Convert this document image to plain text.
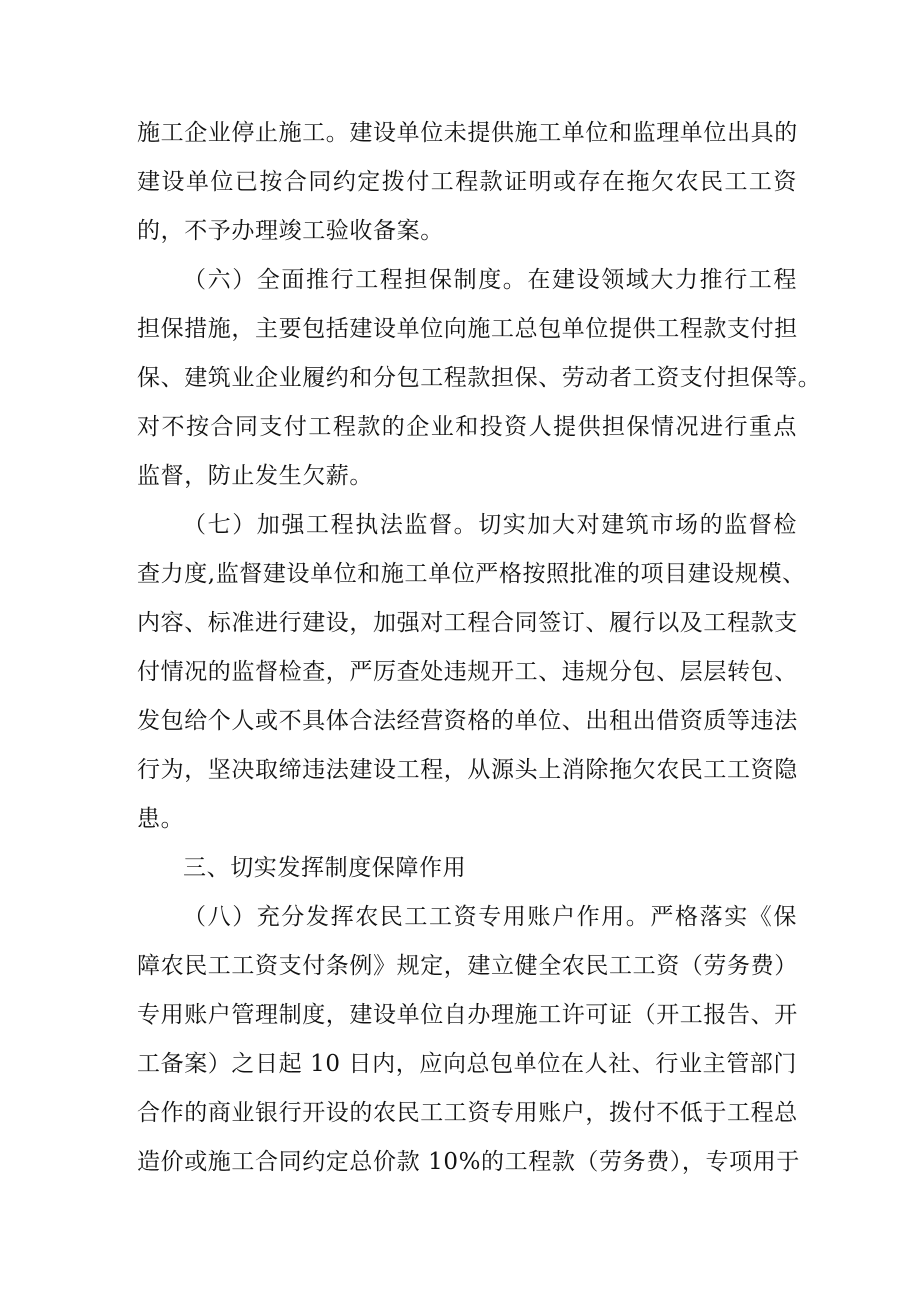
施工企业停止施工。建设单位未提供施工单位和监理单位出具的
建设单位已按合同约定拨付工程款证明或存在拖欠农民工工资
的，不予办理竣工验收备案。
（六）全面推行工程担保制度。在建设领域大力推行工程
担保措施，主要包括建设单位向施工总包单位提供工程款支付担
保、建筑业企业履约和分包工程款担保、劳动者工资支付担保等。
对不按合同支付工程款的企业和投资人提供担保情况进行重点
监督，防止发生欠薪。
（七）加强工程执法监督。切实加大对建筑市场的监督检
查力度,监督建设单位和施工单位严格按照批准的项目建设规模、
内容、标准进行建设，加强对工程合同签订、履行以及工程款支
付情况的监督检查，严厉查处违规开工、违规分包、层层转包、
发包给个人或不具体合法经营资格的单位、出租出借资质等违法
行为，坚决取缔违法建设工程，从源头上消除拖欠农民工工资隐
患。
三、切实发挥制度保障作用
（八）充分发挥农民工工资专用账户作用。严格落实《保
障农民工工资支付条例》规定，建立健全农民工工资（劳务费）
专用账户管理制度，建设单位自办理施工许可证（开工报告、开
工备案）之日起 10 日内，应向总包单位在人社、行业主管部门
合作的商业银行开设的农民工工资专用账户，拨付不低于工程总
造价或施工合同约定总价款 10%的工程款（劳务费），专项用于
